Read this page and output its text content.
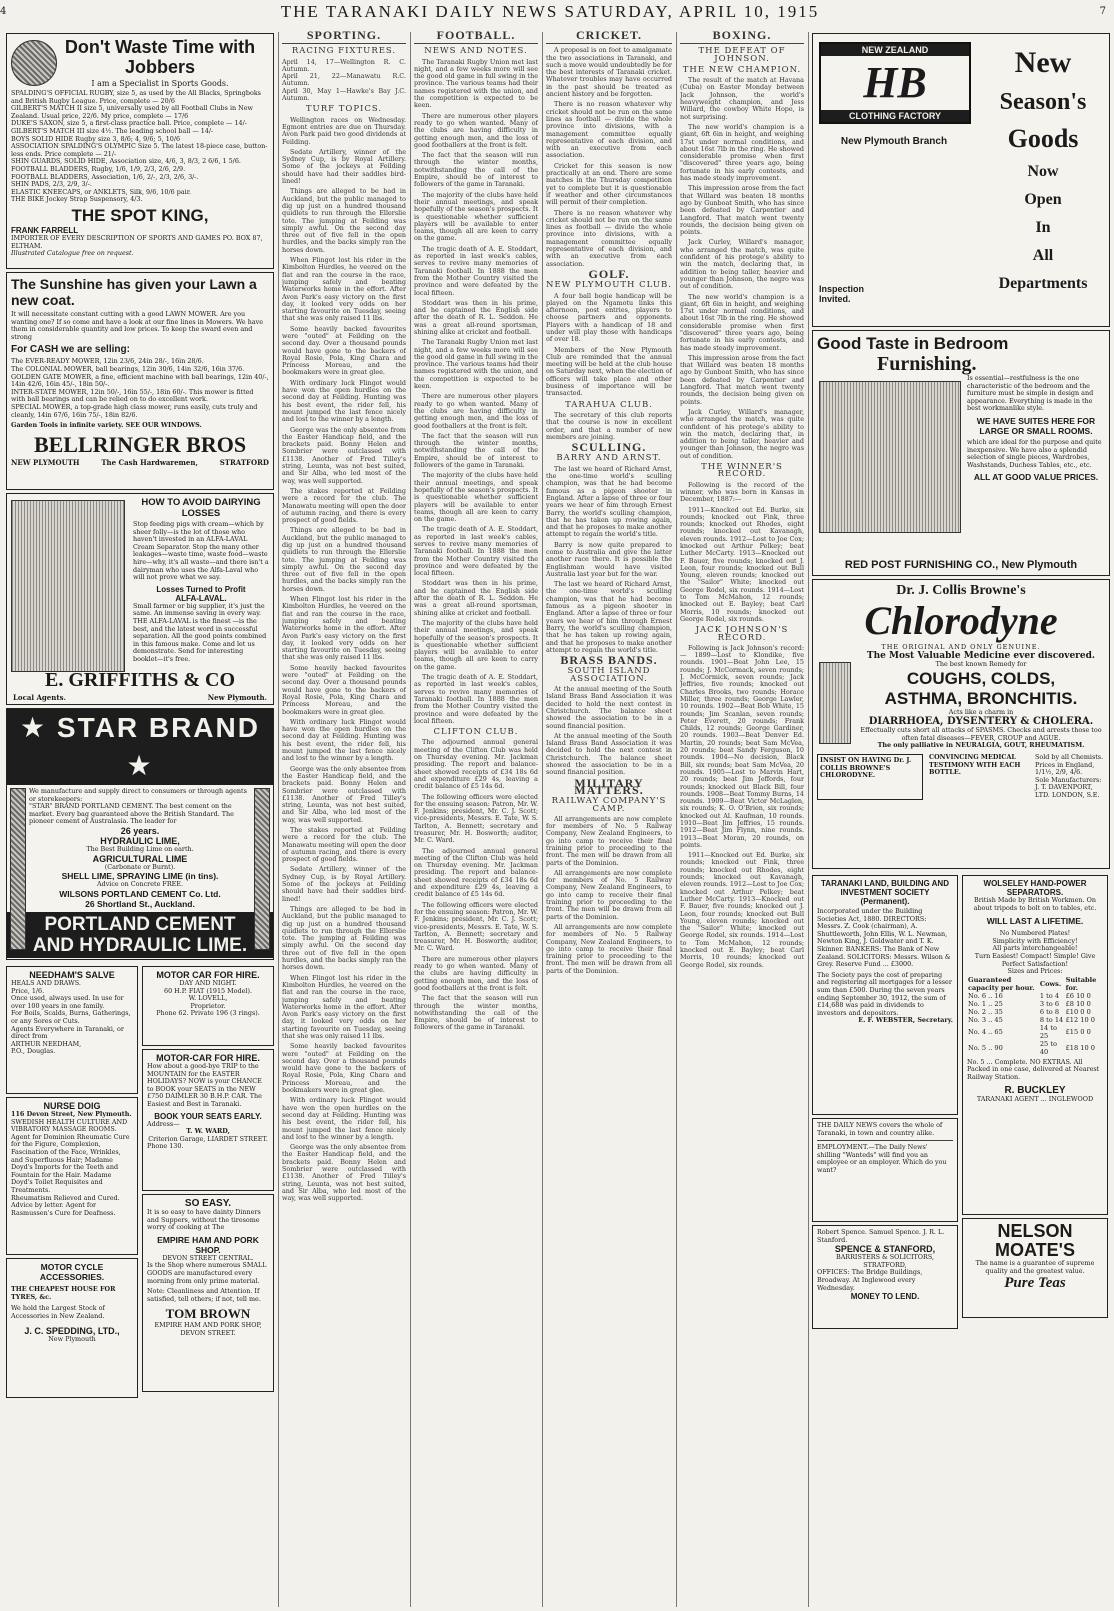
4	THE TARANAKI DAILY NEWS SATURDAY, APRIL 10, 1915	7
Don't Waste Time with Jobbers
I am a Specialist in Sports Goods.
SPALDING'S OFFICIAL RUGBY, size 5, as used by the All Blacks, Springboks and British Rugby League. Price, complete — 20/6
GILBERT'S MATCH II size 5, universally used by all Football Clubs in New Zealand. Usual price, 22/6. My price, complete — 17/6
DUKE'S SAXON, size 5, a first-class practice ball. Price, complete — 14/-
GILBERT'S MATCH III size 4½. The leading school ball — 14/-
BOYS SOLID HIDE Rugby size 3, 8/6; 4, 9/6; 5, 10/6
ASSOCIATION SPALDING'S OLYMPIC Size 5. The latest 18-piece case, button-less ends. Price complete — 21/-
SHIN GUARDS, SOLID HIDE, Association size, 4/6, 3, 8/3, 2 6/6, 1 5/6.
FOOTBALL BLADDERS, Rugby, 1/6, 1/9, 2/3, 2/6, 2/9.
FOOTBALL BLADDERS, Association, 1/6, 2/-, 2/3, 2/6, 3/-.
SHIN PADS, 2/3, 2/9, 3/-.
ELASTIC KNEECAPS, or ANKLETS, Silk, 9/6, 10/6 pair.
THE BIKE Jockey Strap Suspensory, 4/3.
THE SPOT KING,
FRANK FARRELL
IMPORTER OF EVERY DESCRIPTION OF SPORTS AND GAMES PO. BOX 87, ELTHAM.
Illustrated Catalogue free on request.
The Sunshine has given your Lawn a new coat.
It will necessitate constant cutting with a good LAWN MOWER. Are you wanting one? If so come and have a look at our fine lines in Mowers. We have them in considerable quantity and low prices. To keep the sward even and strong
For CASH we are selling:
The EVER-READY MOWER, 12in 23/6, 24in 28/-, 16in 28/6.
The COLONIAL MOWER, ball bearings, 12in 30/6, 14in 32/6, 16in 37/6.
GOLDEN GATE MOWER, a fine, efficient machine with ball bearings, 12in 40/-, 14in 42/6, 16in 45/-, 18in 50/-.
INTER-STATE MOWER, 12in 50/-, 16in 55/-, 18in 60/-. This mower is fitted with ball bearings and can be relied on to do excellent work.
SPECIAL MOWER, a top-grade high class mower, runs easily, cuts truly and cleanly, 14in 67/6, 16in 75/-, 18in 82/6.
Garden Tools in infinite variety. SEE OUR WINDOWS.
BELLRINGER BROS
NEW PLYMOUTH	The Cash Hardwaremen,	STRATFORD
HOW TO AVOID DAIRYING LOSSES
Stop feeding pigs with cream—which by sheer folly—is the lot of those who haven't invested in an ALFA-LAVAL Cream Separator. Stop the many other leakages—waste time, waste food—waste hire—why, it's all waste—and there isn't a dairyman who uses the Alfa-Laval who will not prove what we say.
Losses Turned to Profit
ALFA-LAVAL.
Small farmer or big supplier, it's just the same. An immense saving in every way. THE ALFA-LAVAL is the finest —is the best, and the latest word in successful separation. All the good points combined in this famous make. Come and let us demonstrate. Send for interesting booklet—it's free.
E. GRIFFITHS & CO
Local Agents.	New Plymouth.
★ STAR BRAND ★
We manufacture and supply direct to consumers or through agents or storekeepers:
"STAR" BRAND PORTLAND CEMENT. The best cement on the market. Every bag guaranteed above the British Standard. The pioneer cement of Australasia. The leader for
26 years.
HYDRAULIC LIME,
The Best Building Lime on earth.
AGRICULTURAL LIME
(Carbonate or Burnt).
SHELL LIME, SPRAYING LIME (in tins).
Advice on Concrete FREE.
WILSONS PORTLAND CEMENT Co. Ltd.
26 Shortland St., Auckland.
PORTLAND CEMENT
AND HYDRAULIC LIME.
NEEDHAM'S SALVE
HEALS AND DRAWS.
Price, 1/6.
Once used, always used. In use for over 100 years in one family.
For Boils, Scalds, Burns, Gatherings, or any Sores or Cuts.
Agents Everywhere in Taranaki, or direct from
ARTHUR NEEDHAM,
P.O., Douglas.
NURSE DOIG
116 Devon Street, New Plymouth.
SWEDISH HEALTH CULTURE AND VIBRATORY MASSAGE ROOMS.
Agent for Dominion Rheumatic Cure for the Figure, Complexion, Fascination of the Face, Wrinkles, and Superfluous Hair; Madame Doyd's Imports for the Teeth and Fountain for the Hair. Madame Doyd's Toilet Requisites and Treatments.
Rheumatism Relieved and Cured. Advice by letter. Agent for Rasmussen's Cure for Deafness.
MOTOR CYCLE ACCESSORIES.
THE CHEAPEST HOUSE FOR TYRES, &c.
We hold the Largest Stock of Accessories in New Zealand.
J. C. SPEDDING, LTD.,
New Plymouth
MOTOR CAR FOR HIRE.
DAY AND NIGHT.
60 H.P. FIAT (1915 Model).
W. LOVELL,
Proprietor.
Phone 62. Private 196 (3 rings).
MOTOR-CAR FOR HIRE.
How about a good-bye TRIP to the MOUNTAIN for the EASTER HOLIDAYS? NOW is your CHANCE to BOOK your SEATS in the NEW £750 DAIMLER 30 B.H.P. CAR. The Easiest and Best in Taranaki.
BOOK YOUR SEATS EARLY.
Address—
T. W. WARD,
Criterion Garage, LIARDET STREET.
Phone 130.
SO EASY.
It is so easy to have dainty Dinners and Suppers, without the tiresome worry of cooking at The
EMPIRE HAM AND PORK SHOP.
DEVON STREET CENTRAL.
Is the Shop where numerous SMALL GOODS are manufactured every morning from only prime material.
Note: Cleanliness and Attention. If satisfied, tell others; if not, tell me.
TOM BROWN
EMPIRE HAM AND PORK SHOP, DEVON STREET.
SPORTING.
RACING FIXTURES.
April 14, 17—Wellington R. C. Autumn.
April 21, 22—Manawatu R.C. Autumn.
April 30, May 1—Hawke's Bay J.C. Autumn.
TURF TOPICS.

Wellington races on Wednesday. Egmont entries are due on Thursday. Avon Park paid two good dividends at Feilding.

Sedate Artillery, winner of the Sydney Cup, is by Royal Artillery. Some of the jockeys at Feilding should have had their saddles bird-lined!

Things are alleged to be bad in Auckland, but the public managed to dig up just on a hundred thousand quidlets to run through the Ellerslie tote. The jumping at Feilding was simply awful. On the second day three out of five fell in the open hurdles, and the backs simply ran the horses down.

When Flingot lost his rider in the Kimbolton Hurdles, he veered on the flat and ran the course in the race, jumping safely and beating Waterworks home in the effort. After Avon Park's easy victory on the first day, it looked very odds on her starting favourite on Tuesday, seeing that she was only raised 11 lbs.

Some heavily backed favourites were "outed" at Feilding on the second day. Over a thousand pounds would have gone to the backers of Royal Rosie, Pola, King Chara and Princess Moreau, and the bookmakers were in great glee.

With ordinary luck Flingot would have won the open hurdles on the second day at Feilding. Hunting was his best event, the rider fell, his mount jumped the last fence nicely and lost to the winner by a length.

George was the only absentee from the Easter Handicap field, and the brackets paid. Bonny Helen and Sombrier were outclassed with £1138. Another of Fred Tilley's string, Leunta, was not best suited, and Sir Alba, who led most of the way, was well supported.

The stakes reported at Feilding were a record for the club. The Manawatu meeting will open the door of autumn racing, and there is every prospect of good fields.

Things are alleged to be bad in Auckland, but the public managed to dig up just on a hundred thousand quidlets to run through the Ellerslie tote. The jumping at Feilding was simply awful. On the second day three out of five fell in the open hurdles, and the backs simply ran the horses down.

When Flingot lost his rider in the Kimbolton Hurdles, he veered on the flat and ran the course in the race, jumping safely and beating Waterworks home in the effort. After Avon Park's easy victory on the first day, it looked very odds on her starting favourite on Tuesday, seeing that she was only raised 11 lbs.

Some heavily backed favourites were "outed" at Feilding on the second day. Over a thousand pounds would have gone to the backers of Royal Rosie, Pola, King Chara and Princess Moreau, and the bookmakers were in great glee.

With ordinary luck Flingot would have won the open hurdles on the second day at Feilding. Hunting was his best event, the rider fell, his mount jumped the last fence nicely and lost to the winner by a length.

George was the only absentee from the Easter Handicap field, and the brackets paid. Bonny Helen and Sombrier were outclassed with £1138. Another of Fred Tilley's string, Leunta, was not best suited, and Sir Alba, who led most of the way, was well supported.

The stakes reported at Feilding were a record for the club. The Manawatu meeting will open the door of autumn racing, and there is every prospect of good fields.

Sedate Artillery, winner of the Sydney Cup, is by Royal Artillery. Some of the jockeys at Feilding should have had their saddles bird-lined!

Things are alleged to be bad in Auckland, but the public managed to dig up just on a hundred thousand quidlets to run through the Ellerslie tote. The jumping at Feilding was simply awful. On the second day three out of five fell in the open hurdles, and the backs simply ran the horses down.

When Flingot lost his rider in the Kimbolton Hurdles, he veered on the flat and ran the course in the race, jumping safely and beating Waterworks home in the effort. After Avon Park's easy victory on the first day, it looked very odds on her starting favourite on Tuesday, seeing that she was only raised 11 lbs.

Some heavily backed favourites were "outed" at Feilding on the second day. Over a thousand pounds would have gone to the backers of Royal Rosie, Pola, King Chara and Princess Moreau, and the bookmakers were in great glee.

With ordinary luck Flingot would have won the open hurdles on the second day at Feilding. Hunting was his best event, the rider fell, his mount jumped the last fence nicely and lost to the winner by a length.

George was the only absentee from the Easter Handicap field, and the brackets paid. Bonny Helen and Sombrier were outclassed with £1138. Another of Fred Tilley's string, Leunta, was not best suited, and Sir Alba, who led most of the way, was well supported.

FOOTBALL.
NEWS AND NOTES.

The Taranaki Rugby Union met last night, and a few weeks more will see the good old game in full swing in the province. The various teams had their names registered with the union, and the competition is expected to be keen.

There are numerous other players ready to go when wanted. Many of the clubs are having difficulty in getting enough men, and the loss of good footballers at the front is felt.

The fact that the season will run through the winter months, notwithstanding the call of the Empire, should be of interest to followers of the game in Taranaki.

The majority of the clubs have held their annual meetings, and speak hopefully of the season's prospects. It is questionable whether sufficient players will be available to enter teams, though all are keen to carry on the game.

The tragic death of A. E. Stoddart, as reported in last week's cables, serves to revive many memories of Taranaki football. In 1888 the men from the Mother Country visited the province and were defeated by the local fifteen.

Stoddart was then in his prime, and he captained the English side after the death of R. L. Seddon. He was a great all-round sportsman, shining alike at cricket and football.

The Taranaki Rugby Union met last night, and a few weeks more will see the good old game in full swing in the province. The various teams had their names registered with the union, and the competition is expected to be keen.

There are numerous other players ready to go when wanted. Many of the clubs are having difficulty in getting enough men, and the loss of good footballers at the front is felt.

The fact that the season will run through the winter months, notwithstanding the call of the Empire, should be of interest to followers of the game in Taranaki.

The majority of the clubs have held their annual meetings, and speak hopefully of the season's prospects. It is questionable whether sufficient players will be available to enter teams, though all are keen to carry on the game.

The tragic death of A. E. Stoddart, as reported in last week's cables, serves to revive many memories of Taranaki football. In 1888 the men from the Mother Country visited the province and were defeated by the local fifteen.

Stoddart was then in his prime, and he captained the English side after the death of R. L. Seddon. He was a great all-round sportsman, shining alike at cricket and football.

The majority of the clubs have held their annual meetings, and speak hopefully of the season's prospects. It is questionable whether sufficient players will be available to enter teams, though all are keen to carry on the game.

The tragic death of A. E. Stoddart, as reported in last week's cables, serves to revive many memories of Taranaki football. In 1888 the men from the Mother Country visited the province and were defeated by the local fifteen.

CLIFTON CLUB.

The adjourned annual general meeting of the Clifton Club was held on Thursday evening. Mr. Jackman presiding. The report and balance-sheet showed receipts of £34 18s 6d and expenditure £29 4s, leaving a credit balance of £5 14s 6d.

The following officers were elected for the ensuing season: Patron, Mr. W. F. Jenkins; president, Mr. C. J. Scott; vice-presidents, Messrs. E. Tate, W. S. Tarlton, A. Bennett; secretary and treasurer, Mr. H. Bosworth; auditor, Mr. C. Ward.

The adjourned annual general meeting of the Clifton Club was held on Thursday evening. Mr. Jackman presiding. The report and balance-sheet showed receipts of £34 18s 6d and expenditure £29 4s, leaving a credit balance of £5 14s 6d.

The following officers were elected for the ensuing season: Patron, Mr. W. F. Jenkins; president, Mr. C. J. Scott; vice-presidents, Messrs. E. Tate, W. S. Tarlton, A. Bennett; secretary and treasurer, Mr. H. Bosworth; auditor, Mr. C. Ward.

There are numerous other players ready to go when wanted. Many of the clubs are having difficulty in getting enough men, and the loss of good footballers at the front is felt.

The fact that the season will run through the winter months, notwithstanding the call of the Empire, should be of interest to followers of the game in Taranaki.

CRICKET.

A proposal is on foot to amalgamate the two associations in Taranaki, and such a move would undoubtedly be for the best interests of Taranaki cricket. Whatever troubles may have occurred in the past should be treated as ancient history and be forgotten.

There is no reason whatever why cricket should not be run on the same lines as football — divide the whole province into divisions, with a management committee equally representative of each division, and with an executive from each association.

Cricket for this season is now practically at an end. There are some matches in the Thursday competition yet to complete but it is questionable if weather and other circumstances will permit of their completion.

There is no reason whatever why cricket should not be run on the same lines as football — divide the whole province into divisions, with a management committee equally representative of each division, and with an executive from each association.

GOLF.
NEW PLYMOUTH CLUB.

A four ball bogie handicap will be played on the Ngamotu links this afternoon, post entries, players to choose partners and opponents. Players with a handicap of 18 and under will play those with handicaps of over 18.

Members of the New Plymouth Club are reminded that the annual meeting will be held at the club house on Saturday next, when the election of officers will take place and other business of importance will be transacted.

TARAHUA CLUB.

The secretary of this club reports that the course is now in excellent order, and that a number of new members are joining.

SCULLING.
BARRY AND ARNST.

The last we heard of Richard Arnst, the one-time world's sculling champion, was that he had become famous as a pigeon shooter in England. After a lapse of three or four years we hear of him through Ernest Barry, the world's sculling champion, that he has taken up rowing again, and that he proposes to make another attempt to regain the world's title.

Barry is now quite prepared to come to Australia and give the latter another race there. It is possible the Englishman would have visited Australia last year but for the war.

The last we heard of Richard Arnst, the one-time world's sculling champion, was that he had become famous as a pigeon shooter in England. After a lapse of three or four years we hear of him through Ernest Barry, the world's sculling champion, that he has taken up rowing again, and that he proposes to make another attempt to regain the world's title.

BRASS BANDS.
SOUTH ISLAND ASSOCIATION.

At the annual meeting of the South Island Brass Band Association it was decided to hold the next contest in Christchurch. The balance sheet showed the association to be in a sound financial position.

At the annual meeting of the South Island Brass Band Association it was decided to hold the next contest in Christchurch. The balance sheet showed the association to be in a sound financial position.

MILITARY MATTERS.
RAILWAY COMPANY'S CAMP.

All arrangements are now complete for members of No. 5 Railway Company, New Zealand Engineers, to go into camp to receive their final training prior to proceeding to the front. The men will be drawn from all parts of the Dominion.

All arrangements are now complete for members of No. 5 Railway Company, New Zealand Engineers, to go into camp to receive their final training prior to proceeding to the front. The men will be drawn from all parts of the Dominion.

All arrangements are now complete for members of No. 5 Railway Company, New Zealand Engineers, to go into camp to receive their final training prior to proceeding to the front. The men will be drawn from all parts of the Dominion.

BOXING.
THE DEFEAT OF JOHNSON.
THE NEW CHAMPION.

The result of the match at Havana (Cuba) on Easter Monday between Jack Johnson, the world's heavyweight champion, and Jess Willard, the cowboy White Hope, is not surprising.

The new world's champion is a giant, 6ft 6in in height, and weighing 17st under normal conditions, and about 16st 7lb in the ring. He showed considerable promise when first "discovered" three years ago, being fortunate in his early contests, and has made steady improvement.

This impression arose from the fact that Willard was beaten 18 months ago by Gunboat Smith, who has since been defeated by Carpentier and Langford. That match went twenty rounds, the decision being given on points.

Jack Curley, Willard's manager, who arranged the match, was quite confident of his protege's ability to win the match, declaring that, in addition to being taller, heavier and younger than Johnson, the negro was out of condition.

The new world's champion is a giant, 6ft 6in in height, and weighing 17st under normal conditions, and about 16st 7lb in the ring. He showed considerable promise when first "discovered" three years ago, being fortunate in his early contests, and has made steady improvement.

This impression arose from the fact that Willard was beaten 18 months ago by Gunboat Smith, who has since been defeated by Carpentier and Langford. That match went twenty rounds, the decision being given on points.

Jack Curley, Willard's manager, who arranged the match, was quite confident of his protege's ability to win the match, declaring that, in addition to being taller, heavier and younger than Johnson, the negro was out of condition.

THE WINNER'S RECORD.

Following is the record of the winner, who was born in Kansas in December, 1887:—

1911—Knocked out Ed. Burke, six rounds; knocked out Fink, three rounds; knocked out Rhodes, eight rounds; knocked out Kavanagh, eleven rounds. 1912—Lost to Joe Cox; knocked out Arthur Pelkey; beat Luther McCarty. 1913—Knocked out F. Bauer, five rounds; knocked out J. Leon, four rounds; knocked out Bull Young, eleven rounds; knocked out the "Sailor" White; knocked out George Rodel, six rounds. 1914—Lost to Tom McMahon, 12 rounds; knocked out E. Bayley; beat Carl Morris, 10 rounds; knocked out George Rodel, six rounds.

JACK JOHNSON'S RECORD.

Following is Jack Johnson's record:— 1899—Lost to Klondike, five rounds. 1901—Beat John Lee, 15 rounds; J. McCormack, seven rounds; J. McCormick, seven rounds; Jack Jeffries, five rounds; knocked out Charles Brooks, two rounds; Horace Miller, three rounds; George Lawler, 10 rounds. 1902—Beat Bob White, 15 rounds; Jim Scanlan, seven rounds; Peter Everett, 20 rounds; Frank Childs, 12 rounds; George Gardiner, 20 rounds. 1903—Beat Denver Ed. Martin, 20 rounds; beat Sam McVea, 20 rounds; beat Sandy Ferguson, 10 rounds. 1904—No decision, Black Bill, six rounds; beat Sam McVea, 20 rounds. 1905—Lost to Marvin Hart, 20 rounds; beat Jim Jeffords, four rounds; knocked out Black Bill, four rounds. 1908—Beat Tommy Burns, 14 rounds. 1909—Beat Victor McLaglen, six rounds; K. O. O'Brien, six rounds; knocked out Al. Kaufman, 10 rounds. 1910—Beat Jim Jeffries, 15 rounds. 1912—Beat Jim Flynn, nine rounds. 1913—Beat Moran, 20 rounds, on points.

1911—Knocked out Ed. Burke, six rounds; knocked out Fink, three rounds; knocked out Rhodes, eight rounds; knocked out Kavanagh, eleven rounds. 1912—Lost to Joe Cox; knocked out Arthur Pelkey; beat Luther McCarty. 1913—Knocked out F. Bauer, five rounds; knocked out J. Leon, four rounds; knocked out Bull Young, eleven rounds; knocked out the "Sailor" White; knocked out George Rodel, six rounds. 1914—Lost to Tom McMahon, 12 rounds; knocked out E. Bayley; beat Carl Morris, 10 rounds; knocked out George Rodel, six rounds.

NEW ZEALAND
HB
CLOTHING FACTORY
New Plymouth Branch
Inspection
Invited.
New
Season's
Goods
Now
Open
In
All
Departments
Good Taste in Bedroom
Furnishing.
Is essential—restfulness is the one characteristic of the bedroom and the furniture must be simple in design and appearance. Everything is made in the best workmanlike style.
WE HAVE SUITES HERE FOR LARGE OR SMALL ROOMS.
which are ideal for the purpose and quite inexpensive. We have also a splendid selection of single pieces, Wardrobes, Washstands, Duchess Tables, etc., etc.
ALL AT GOOD VALUE PRICES.
RED POST FURNISHING CO., New Plymouth
Dr. J. Collis Browne's
Chlorodyne
THE ORIGINAL AND ONLY GENUINE.
The Most Valuable Medicine ever discovered.
The best known Remedy for
COUGHS, COLDS,
ASTHMA, BRONCHITIS.
Acts like a charm in
DIARRHOEA, DYSENTERY & CHOLERA.
Effectually cuts short all attacks of SPASMS. Checks and arrests those too often fatal diseases—FEVER, CROUP and AGUE.
The only palliative in NEURALGIA, GOUT, RHEUMATISM.
INSIST ON HAVING Dr. J. COLLIS BROWNE'S CHLORODYNE.
CONVINCING MEDICAL TESTIMONY WITH EACH BOTTLE.
Sold by all Chemists. Prices in England, 1/1½, 2/9, 4/6.
Sole Manufacturers: J. T. DAVENPORT, LTD. LONDON, S.E.
TARANAKI LAND, BUILDING AND INVESTMENT SOCIETY (Permanent).
Incorporated under the Building Societies Act, 1880. DIRECTORS: Messrs. Z. Cook (chairman), A. Shuttleworth, John Ellis, W. L. Newman, Newton King, J. Goldwater and T. K. Skinner. BANKERS: The Bank of New Zealand. SOLICITORS: Messrs. Wilson & Grey. Reserve Fund ... £3000.
The Society pays the cost of preparing and registering all mortgages for a lesser sum than £500. During the seven years ending September 30, 1912, the sum of £14,688 was paid in dividends to investors and depositors.
E. F. WEBSTER, Secretary.
THE DAILY NEWS covers the whole of Taranaki, in town and country alike.
EMPLOYMENT.—The Daily News' shilling "Wanteds" will find you an employee or an employer. Which do you want?
Robert Spence. Samuel Spence. J. R. L. Stanford.
SPENCE & STANFORD,
BARRISTERS & SOLICITORS, STRATFORD,
OFFICES: The Bridge Buildings, Broadway. At Inglewood every Wednesday.
MONEY TO LEND.
WOLSELEY HAND-POWER SEPARATORS.
British Made by British Workmen. On about tripods to bolt on to tables, etc.
WILL LAST A LIFETIME.
No Numbered Plates!
Simplicity with Efficiency!
All parts interchangeable!
Turn Easiest! Compact! Simple! Give Perfect Satisfaction!
Sizes and Prices:
Guaranteed capacity per hour.	Cows.	Suitable for.
No. 6 .. 16	1 to 4	£6 10 0
No. 1 .. 25	3 to 6	£8 10 0
No. 2 .. 35	6 to 8	£10 0 0
No. 3 .. 45	8 to 14	£12 10 0
No. 4 .. 65	14 to 25	£15 0 0
No. 5 .. 90	25 to 40	£18 10 0
No. 5 ... Complete. NO EXTRAS. All Packed in one case, delivered at Nearest Railway Station.
R. BUCKLEY
TARANAKI AGENT ... INGLEWOOD
NELSON
MOATE'S
The name is a guarantee of supreme quality and the greatest value.
Pure Teas
